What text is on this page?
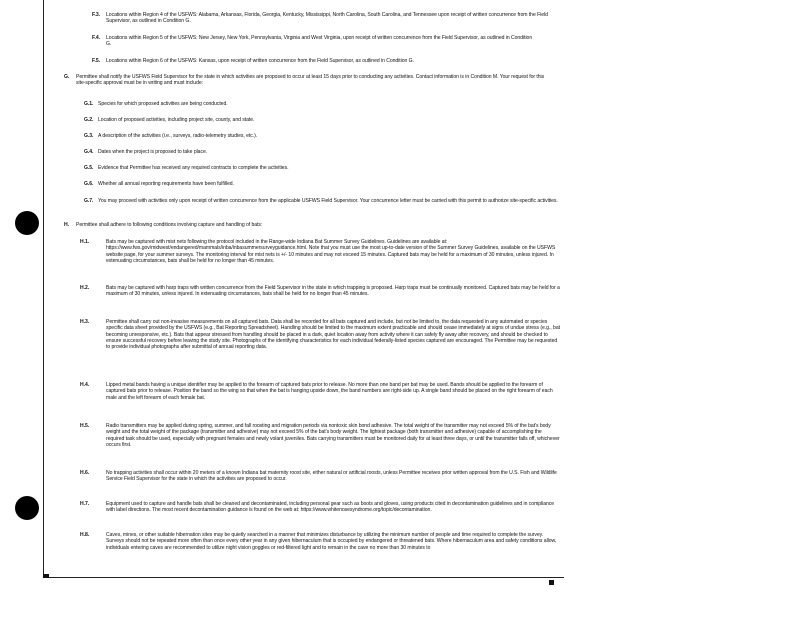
F.3. Locations within Region 4 of the USFWS: Alabama, Arkansas, Florida, Georgia, Kentucky, Mississippi, North Carolina, South Carolina, and Tennessee upon receipt of written concurrence from the Field Supervisor, as outlined in Condition G.
F.4. Locations within Region 5 of the USFWS: New Jersey, New York, Pennsylvania, Virginia and West Virginia, upon receipt of written concurrence from the Field Supervisor, as outlined in Condition G.
F.5. Locations within Region 6 of the USFWS: Kansas, upon receipt of written concurrence from the Field Supervisor, as outlined in Condition G.
G. Permittee shall notify the USFWS Field Supervisor for the state in which activities are proposed to occur at least 15 days prior to conducting any activities. Contact information is in Condition M. Your request for this site-specific approval must be in writing and must include:
G.1. Species for which proposed activities are being conducted.
G.2. Location of proposed activities, including project site, county, and state.
G.3. A description of the activities (i.e., surveys, radio-telemetry studies, etc.).
G.4. Dates when the project is proposed to take place.
G.5. Evidence that Permittee has received any required contracts to complete the activities.
G.6. Whether all annual reporting requirements have been fulfilled.
G.7. You may proceed with activities only upon receipt of written concurrence from the applicable USFWS Field Supervisor. Your concurrence letter must be carried with this permit to authorize site-specific activities.
H. Permittee shall adhere to following conditions involving capture and handling of bats:
H.1.	Bats may be captured with mist nets following the protocol included in the Range-wide Indiana Bat Summer Survey Guidelines. Guidelines are available at: https://www.fws.gov/midwest/endangered/mammals/inba/inbasummersurveyguidance.html. Note that you must use the most up-to-date version of the Summer Survey Guidelines, available on the USFWS website page, for your summer surveys. The monitoring interval for mist nets is +/- 10 minutes and may not exceed 15 minutes. Captured bats may be held for a maximum of 30 minutes, unless injured. In extenuating circumstances, bats shall be held for no longer than 45 minutes.
H.2.	Bats may be captured with harp traps with written concurrence from the Field Supervisor in the state in which trapping is proposed. Harp traps must be continually monitored. Captured bats may be held for a maximum of 30 minutes, unless injured. In extenuating circumstances, bats shall be held for no longer than 45 minutes.
H.3.	Permittee shall carry out non-invasive measurements on all captured bats. Data shall be recorded for all bats captured and include, but not be limited to, the data requested in any automated or species specific data sheet provided by the USFWS (e.g., Bat Reporting Spreadsheet). Handling should be limited to the maximum extent practicable and should cease immediately at signs of undue stress (e.g., bat becoming unresponsive, etc.). Bats that appear stressed from handling should be placed in a dark, quiet location away from activity where it can safely fly away after recovery, and should be checked to ensure successful recovery before leaving the study site. Photographs of the identifying characteristics for each individual federally-listed species captured are encouraged. The Permittee may be requested to provide individual photographs after submittal of annual reporting data.
H.4.	Lipped metal bands having a unique identifier may be applied to the forearm of captured bats prior to release. No more than one band per bat may be used. Bands should be applied to the forearm of captured bats prior to release. Position the band so the wing so that when the bat is hanging upside down, the band numbers are right-side up. A single band should be placed on the right forearm of each male and the left forearm of each female bat.
H.5.	Radio transmitters may be applied during spring, summer, and fall roosting and migration periods via nontoxic skin bond adhesive. The total weight of the transmitter may not exceed 5% of the bat's body weight and the total weight of the package (transmitter and adhesive) may not exceed 5% of the bat's body weight. The lightest package (both transmitter and adhesive) capable of accomplishing the required task should be used, especially with pregnant females and newly volant juveniles. Bats carrying transmitters must be monitored daily for at least three days, or until the transmitter falls off, whichever occurs first.
H.6.	No trapping activities shall occur within 20 meters of a known Indiana bat maternity roost site, either natural or artificial roosts, unless Permittee receives prior written approval from the U.S. Fish and Wildlife Service Field Supervisor for the state in which the activities are proposed to occur.
H.7.	Equipment used to capture and handle bats shall be cleaned and decontaminated, including personal gear such as boots and gloves, using products cited in decontamination guidelines and in compliance with label directions. The most recent decontamination guidance is found on the web at: https://www.whitenosesyndrome.org/topic/decontamination.
H.8.	Caves, mines, or other suitable hibernation sites may be quietly searched in a manner that minimizes disturbance by utilizing the minimum number of people and time required to complete the survey. Surveys should not be repeated more often than once every other year in any given hibernaculum that is occupied by endangered or threatened bats. Where hibernaculum area and safety conditions allow, individuals entering caves are recommended to utilize night vision goggles or red-filtered light and to remain in the cave no more than 30 minutes to
